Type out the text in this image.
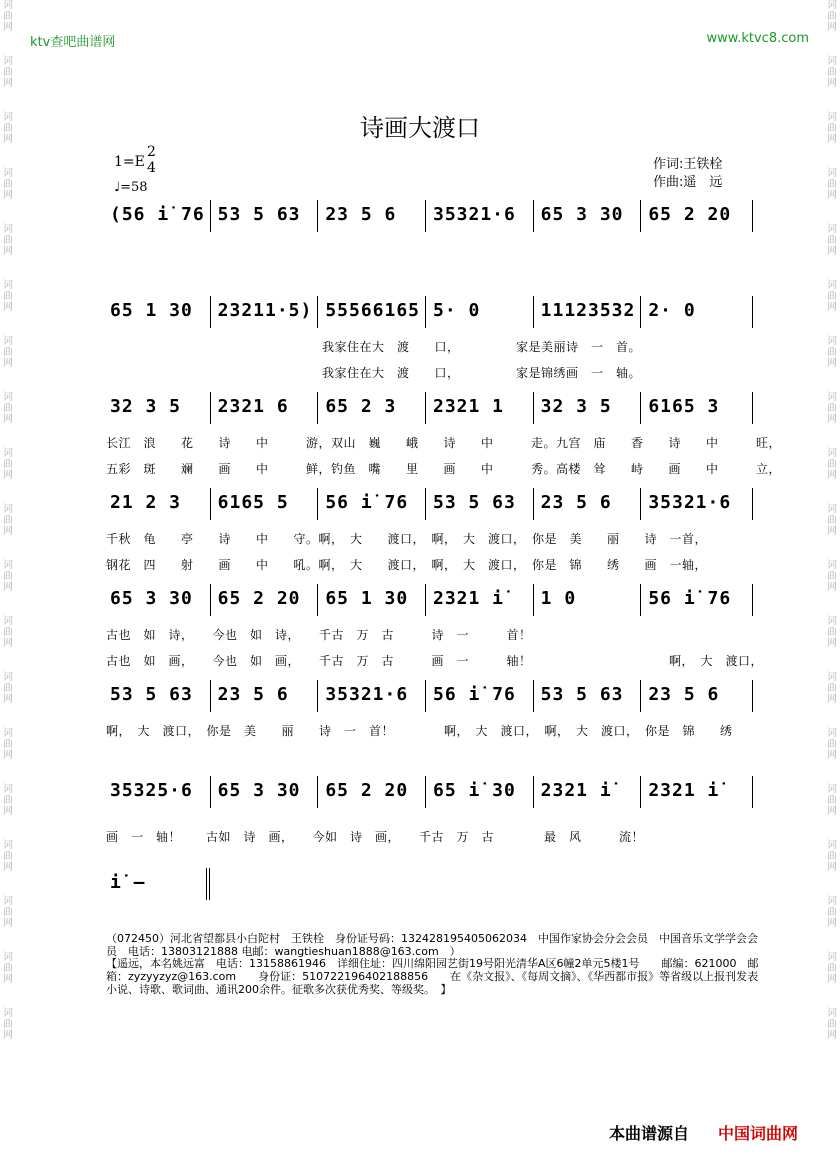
词
曲
网
词
曲
网
词
曲
网
词
曲
网
词
曲
网
词
曲
网
词
曲
网
词
曲
网
词
曲
网
词
曲
网
词
曲
网
词
曲
网
词
曲
网
词
曲
网
词
曲
网
词
曲
网
词
曲
网
词
曲
网
词
曲
网
词
曲
网
词
曲
网
词
曲
网
词
曲
网
词
曲
网
词
曲
网
词
曲
网
词
曲
网
词
曲
网
词
曲
网
词
曲
网
词
曲
网
词
曲
网
词
曲
网
词
曲
网
词
曲
网
词
曲
网
词
曲
网
词
曲
网
ktv查吧曲谱网	www.ktvc8.com
诗画大渡口
1=E
2
4
♩=58
作词:王铁栓
作曲:遥　远
(56 i̇ 76 53 5 63 23 5 6 35321·6 65 3 30 65 2 20
65 1 30 23211·5) 55566165 5· 0	11123532 2· 0
我家住在大　渡　　口，　　　　　家是美丽诗　一　首。
我家住在大　渡　　口，　　　　　家是锦绣画　一　轴。
32 3 5 2321 6 65 2 3 2321 1 32 3 5 6165 3
长江　浪　　花　　诗　　中　　　游，双山　巍　　峨　　诗　　中　　　走。九宫　庙　　香　　诗　　中　　　旺，
五彩　斑　　斓　　画　　中　　　鲜，钓鱼　嘴　　里　　画　　中　　　秀。高楼　耸　　峙　　画　　中　　　立，
21 2 3 6165 5 56 i̇ 76 53 5 63 23 5 6 35321·6
千秋　龟　　亭　　诗　　中　　守。啊，　大　　渡口，　啊，　大　渡口，　你是　美　　丽　　诗　一首，
钢花　四　　射　　画　　中　　吼。啊，　大　　渡口，　啊，　大　渡口，　你是　锦　　绣　　画　一轴，
65 3 30 65 2 20 65 1 30 2321 i̇ 1 0	56 i̇ 76
古也　如　诗，　　今也　如　诗，　　千古　万　古　　　诗　一　　　首！
古也　如　画，　　今也　如　画，　　千古　万　古　　　画　一　　　轴！　　　　　　　　　　　啊，　大　渡口，
53 5 63 23 5 6 35321·6 56 i̇ 76 53 5 63 23 5 6
啊，　大　渡口，　你是　美　　丽　　诗　一　首！　　　　啊，　大　渡口，　啊，　大　渡口，　你是　锦　　绣
35325·6 65 3 30 65 2 20 65 i̇ 30 2321 i̇ 2321 i̇
画　一　轴！　　古如　诗　画，　　今如　诗　画，　　千古　万　古　　　　最　风　　　流！
i̇ –
（072450）河北省望都县小白陀村　王铁栓　身份证号码：132428195405062034　中国作家协会分会会员　中国音乐文学学会会员　电话：13803121888 电邮：wangtieshuan1888@163.com　）
【遥远，本名姚远富　电话：13158861946　详细住址：四川绵阳园艺街19号阳光清华A区6幢2单元5楼1号　　邮编：621000　邮箱：zyzyyzyz@163.com　　身份证：510722196402188856　　在《杂文报》、《每周文摘》、《华西都市报》等省级以上报刊发表小说、诗歌、歌词曲、通讯200余件。征歌多次获优秀奖、等级奖。　】
本曲谱源自 中国词曲网
